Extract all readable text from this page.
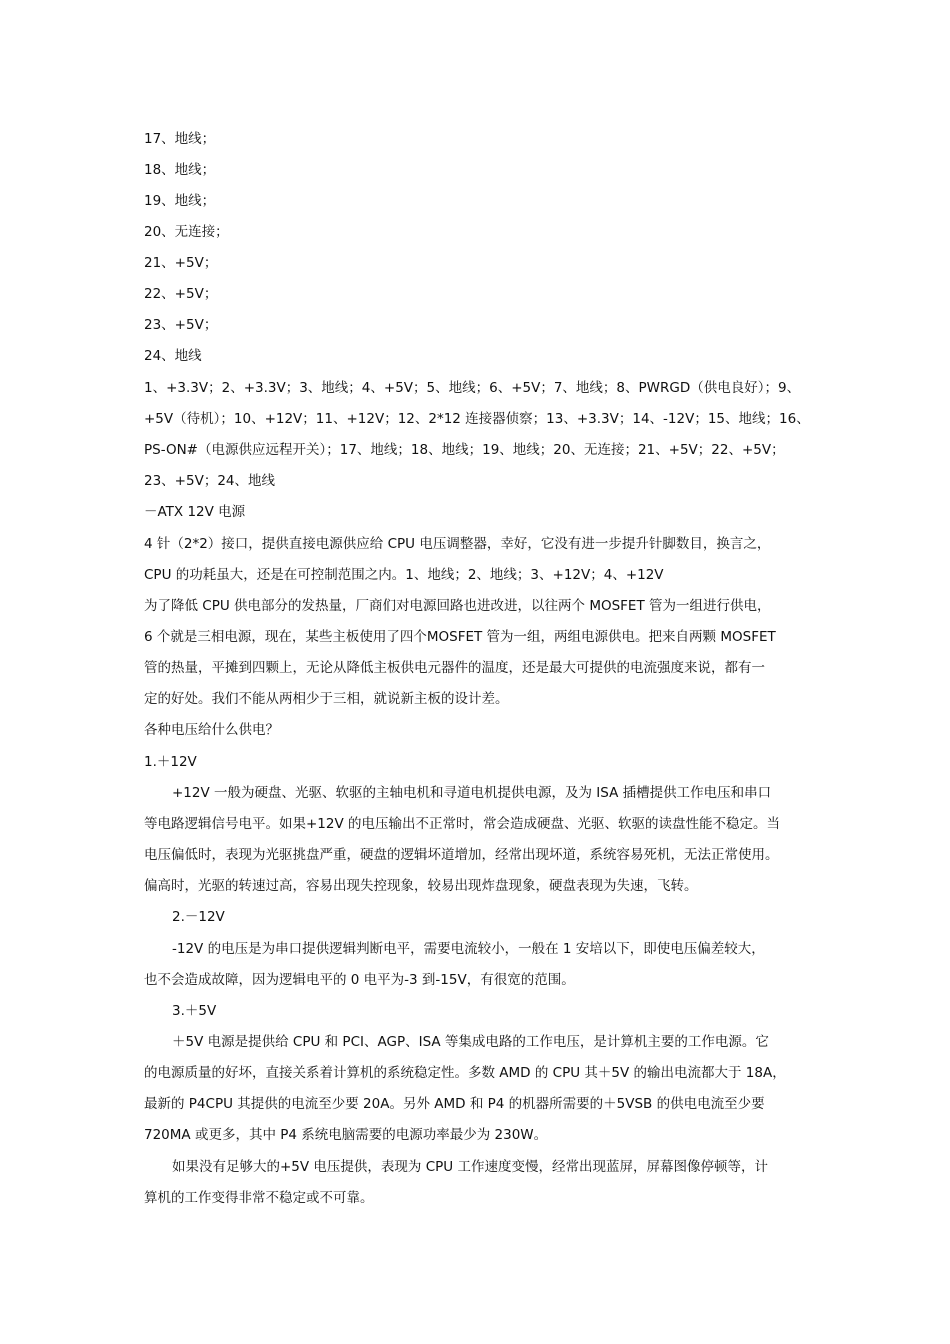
17、地线；
18、地线；
19、地线；
20、无连接；
21、+5V；
22、+5V；
23、+5V；
24、地线
1、+3.3V；2、+3.3V；3、地线；4、+5V；5、地线；6、+5V；7、地线；8、PWRGD（供电良好）；9、
+5V（待机）；10、+12V；11、+12V；12、2*12 连接器侦察；13、+3.3V；14、-12V；15、地线；16、
PS-ON#（电源供应远程开关）；17、地线；18、地线；19、地线；20、无连接；21、+5V；22、+5V；
23、+5V；24、地线
－ATX 12V 电源
4 针（2*2）接口，提供直接电源供应给 CPU 电压调整器，幸好，它没有进一步提升针脚数目，换言之，
CPU 的功耗虽大，还是在可控制范围之内。1、地线；2、地线；3、+12V；4、+12V
为了降低 CPU 供电部分的发热量，厂商们对电源回路也进改进，以往两个 MOSFET 管为一组进行供电，
6 个就是三相电源，现在，某些主板使用了四个MOSFET 管为一组，两组电源供电。把来自两颗 MOSFET
管的热量，平摊到四颗上，无论从降低主板供电元器件的温度，还是最大可提供的电流强度来说，都有一
定的好处。我们不能从两相少于三相，就说新主板的设计差。
各种电压给什么供电？
1.＋12V
+12V 一般为硬盘、光驱、软驱的主轴电机和寻道电机提供电源，及为 ISA 插槽提供工作电压和串口
等电路逻辑信号电平。如果+12V 的电压输出不正常时，常会造成硬盘、光驱、软驱的读盘性能不稳定。当
电压偏低时，表现为光驱挑盘严重，硬盘的逻辑坏道增加，经常出现坏道，系统容易死机，无法正常使用。
偏高时，光驱的转速过高，容易出现失控现象，较易出现炸盘现象，硬盘表现为失速，飞转。
2.－12V
-12V 的电压是为串口提供逻辑判断电平，需要电流较小，一般在 1 安培以下，即使电压偏差较大，
也不会造成故障，因为逻辑电平的 0 电平为-3 到-15V，有很宽的范围。
3.＋5V
＋5V 电源是提供给 CPU 和 PCI、AGP、ISA 等集成电路的工作电压，是计算机主要的工作电源。它
的电源质量的好坏，直接关系着计算机的系统稳定性。多数 AMD 的 CPU 其＋5V 的输出电流都大于 18A，
最新的 P4CPU 其提供的电流至少要 20A。另外 AMD 和 P4 的机器所需要的＋5VSB 的供电电流至少要
720MA 或更多，其中 P4 系统电脑需要的电源功率最少为 230W。
如果没有足够大的+5V 电压提供，表现为 CPU 工作速度变慢，经常出现蓝屏，屏幕图像停顿等，计
算机的工作变得非常不稳定或不可靠。
